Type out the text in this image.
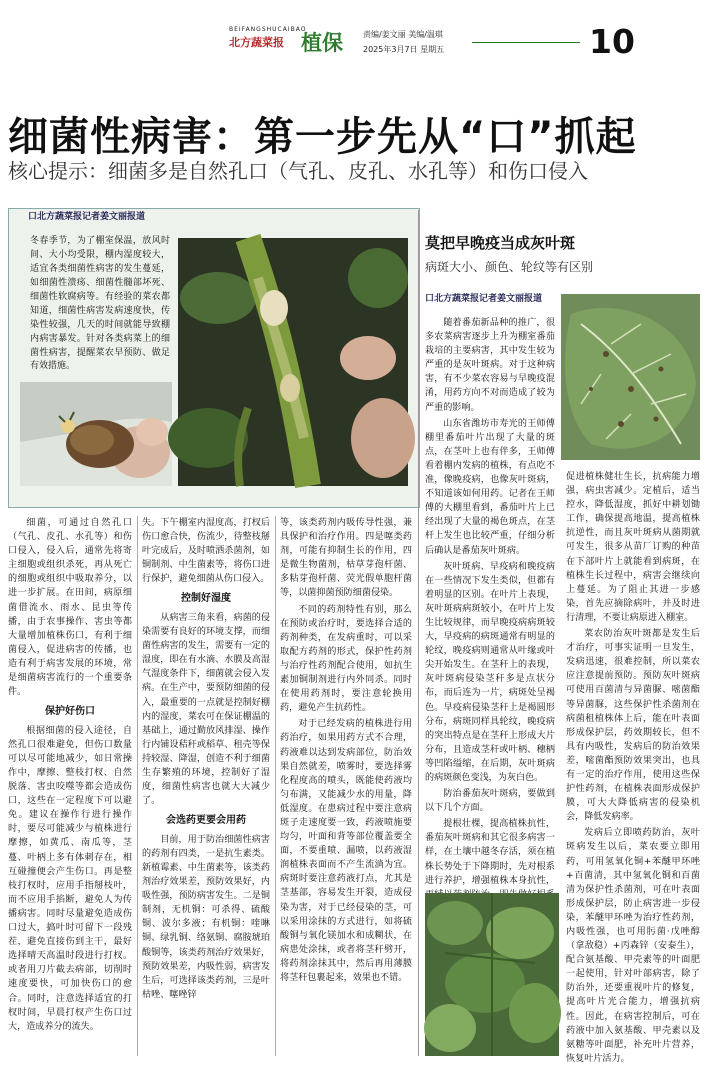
BEIFANGSHUCAIBAO
北方蔬菜报 植保	责编/姜文丽 美编/温琪
2025年3月7日 星期五	10
细菌性病害：第一步先从“口”抓起
核心提示：细菌多是自然孔口（气孔、皮孔、水孔等）和伤口侵入
口北方蔬菜报记者姜文丽报道
冬春季节，为了棚室保温，放风时间、大小均受限，棚内湿度较大，适宜各类细菌性病害的发生蔓延，如细菌性溃疡、细菌性髓部坏死、细菌性软腐病等。有经验的菜农都知道，细菌性病害发病速度快，传染性较强，几天的时间就能导致棚内病害暴发。针对各类病菜上的细菌性病害，提醒菜农早预防、做足有效措施。

细菌，可通过自然孔口（气孔、皮孔、水孔等）和伤口侵入，侵入后，通常先将寄主细胞或组织杀死，再从死亡的细胞或组织中吸取养分，以进一步扩展。在田间，病原细菌借流水、雨水、昆虫等传播，由于农事操作、害虫等都大量增加植株伤口，有利于细菌侵入，促进病害的传播，也造有利于病害发展的环境，常是细菌病害流行的一个重要条件。

保护好伤口

根据细菌的侵入途径，自然孔口很难避免，但伤口数量可以尽可能地减少，如日常操作中，摩擦、整枝打杈、自然脱落、害虫咬噬等都会造成伤口，这些在一定程度下可以避免。建议在操作行进行操作时，要尽可能减少与植株进行摩擦，如黄瓜、南瓜等，茎蔓、叶柄上多有体刺存在，相互碰撞便会产生伤口。再是整枝打杈时，应用手指掰枝叶，而不应用手掐断，避免人为传播病害。同时尽量避免造成伤口过大，搞叶时可留下一段残茬，避免直接伤到主干，最好选择晴天高温时段进行打杈。或者用刀片截去病部，切削时速度要快，可加快伤口的愈合。同时，注意选择适宜的打杈时间，早晨打杈产生伤口过大，造成养分的流失。

失。下午棚室内湿度高，打杈后伤口愈合快，伤流少，待整枝掰叶完成后，及时喷洒杀菌剂，如铜制剂、中生菌素等，将伤口进行保护，避免细菌从伤口侵入。

控制好湿度

从病害三角来看，病菌的侵染需要有良好的环境支撑，而细菌性病害的发生，需要有一定的湿度，即在有水滴、水膜及高湿气湿度条件下，细菌就会侵入发病。在生产中，要预防细菌的侵入，最重要的一点就是控制好棚内的湿度，菜农可在保证棚温的基础上，通过勤放风排湿、操作行内铺设秸秆或稻草、租壳等保持较湿、降湿，创造不利于细菌生存繁殖的环境，控制好了湿度，细菌性病害也就大大减少了。

会选药更要会用药

目前，用于防治细菌性病害的药剂有四类，一是抗生素类。新植霉素、中生菌素等，该类药剂治疗效果差，预防效果好，内吸性强，预防病害发生。二是铜制剂，无机铜：可杀得、硫酸铜、波尔多液；有机铜：喹啉铜、绿乳铜、络氨铜、腐胺琥珀酸铜等，该类药剂治疗效果好，预防效果差，内吸性弱，病害发生后，可选择该类药剂，三是叶枯唑、噻唑锌

等，该类药剂内吸传导性强，兼具保护和治疗作用。四是噻类药剂，可能有抑制生长的作用，四是微生物菌剂，枯草芽孢杆菌、多粘芽孢杆菌、荧光假单胞杆菌等，以菌抑菌预防细菌侵染。

不同的药剂特性有别，那么在预防或治疗时，要选择合适的药剂种类，在发病重时，可以采取配方药剂的形式，保护性药剂与治疗性药剂配合使用，如抗生素加铜制剂进行内外同杀。同时在使用药剂时，要注意轮换用药，避免产生抗药性。

对于已经发病的植株进行用药治疗，如果用药方式不合理，药液难以达到发病部位，防治效果自然就差，喷雾时，要选择雾化程度高的喷头，既能使药液均匀布满，又能减少水的用量，降低湿度。在患病过程中要注意病斑子走速度要一致，药液喷施要均匀，叶面和背等部位覆盖要全面，不要重喷、漏喷，以药液湿润植株表面而不产生流淌为宜。病斑时要注意药液打点，尤其是茎基部，容易发生开裂，造成侵染为害，对于已经侵染的茎，可以采用涂抹的方式进行，如将硫酸铜与氧化镁加水和成糊状，在病患处涂抹，或者将茎秆劈开，将药剂涂抹其中，然后再用薄膜将茎秆包裹起来，效果也不错。

莫把早晚疫当成灰叶斑
病斑大小、颜色、轮纹等有区别
口北方蔬菜报记者姜文丽报道

随着番茄新品种的推广，很多农菜病害逐步上升为棚室番茄栽培的主要病害，其中发生较为严重的是灰叶斑病。对于这种病害，有不少菜农容易与早晚疫混淆，用药方向不对而造成了较为严重的影响。

山东省潍坊市寿光的王师傅棚里番茄叶片出现了大量的斑点，在茎叶上也有伴多，王师傅看着棚内发病的植株，有点吃不准，像晚疫病，也像灰叶斑病，不知道该如何用药。记者在王师傅的大棚里看到，番茄叶片上已经出现了大量的褐色斑点，在茎杆上发生也比较严重，仔细分析后确认是番茄灰叶斑病。

灰叶斑病、早疫病和晚疫病在一些情况下发生类似，但都有着明显的区别。在叶片上表现，灰叶斑病病斑较小，在叶片上发生比较规律，而早晚疫病病斑较大，早疫病的病斑通常有明显的轮纹，晚疫病则通常从叶缘或叶尖开始发生。在茎秆上的表现，灰叶斑病侵染茎秆多是点状分布，而后连为一片，病斑处呈褐色。早疫病侵染茎秆上是褐圆形分布，病斑同样具轮纹，晚疫病的突出特点是在茎秆上形成大片分布，且造成茎秆或叶柄、穗柄等凹陷缢缩，在后期，灰叶斑病的病斑颜色变浅，为灰白色。

防治番茄灰叶斑病，要做到以下几个方面。

提根壮棵，提高植株抗性，番茄灰叶斑病和其它很多病害一样，在土壤中越冬存活，须在植株长势处于下降期时，先对根系进行养护，增强植株本身抗性，

促进植株健壮生长，抗病能力增强，病虫害减少。定植后，适当控水，降低湿度，抓好中耕划锄工作，确保提高地温，提高植株抗逆性，而且灰叶斑病从菌期就可发生，很多从苗厂订购的种苗在下部叶片上就能看到病斑，在植株生长过程中，病害会继续向上蔓延。为了阻止其进一步感染，首先应摘除病叶，并及时进行清理，不要让病原进入棚室。

菜农防治灰叶斑都是发生后才治疗，可事实证明一旦发生，发病迅速，很难控制，所以菜农应注意提前预防。预防灰叶斑病可使用百菌清与异菌脲、嘧菌酯等异菌脲，这些保护性杀菌剂在病菌租植株体上后，能在叶表面形成保护层，药效期较长，但不具有内吸性，发病后的防治效果差，嘧菌酯预防效果突出，也具有一定的治疗作用，使用这些保护性药剂，在植株表面形成保护膜，可大大降低病害的侵染机会，降低发病率。

发病后立即喷药防治，灰叶斑病发生以后，菜农要立即用药，可用氢氧化铜+苯醚甲环唑+百菌清，其中氢氧化铜和百菌清为保护性杀菌剂，可在叶表面形成保护层，防止病害进一步侵染，苯醚甲环唑为治疗性药剂，内吸性强，也可用肟菌·戊唑醇（拿敌稳）+丙森锌（安泰生），配合氨基酸、甲壳素等的叶面肥一起使用，针对叶部病害，除了防治外，还要重视叶片的修复，提高叶片光合能力，增强抗病性。因此，在病害控制后，可在药液中加入氨基酸、甲壳素以及氨糖等叶面肥，补充叶片营养，恢复叶片活力。
